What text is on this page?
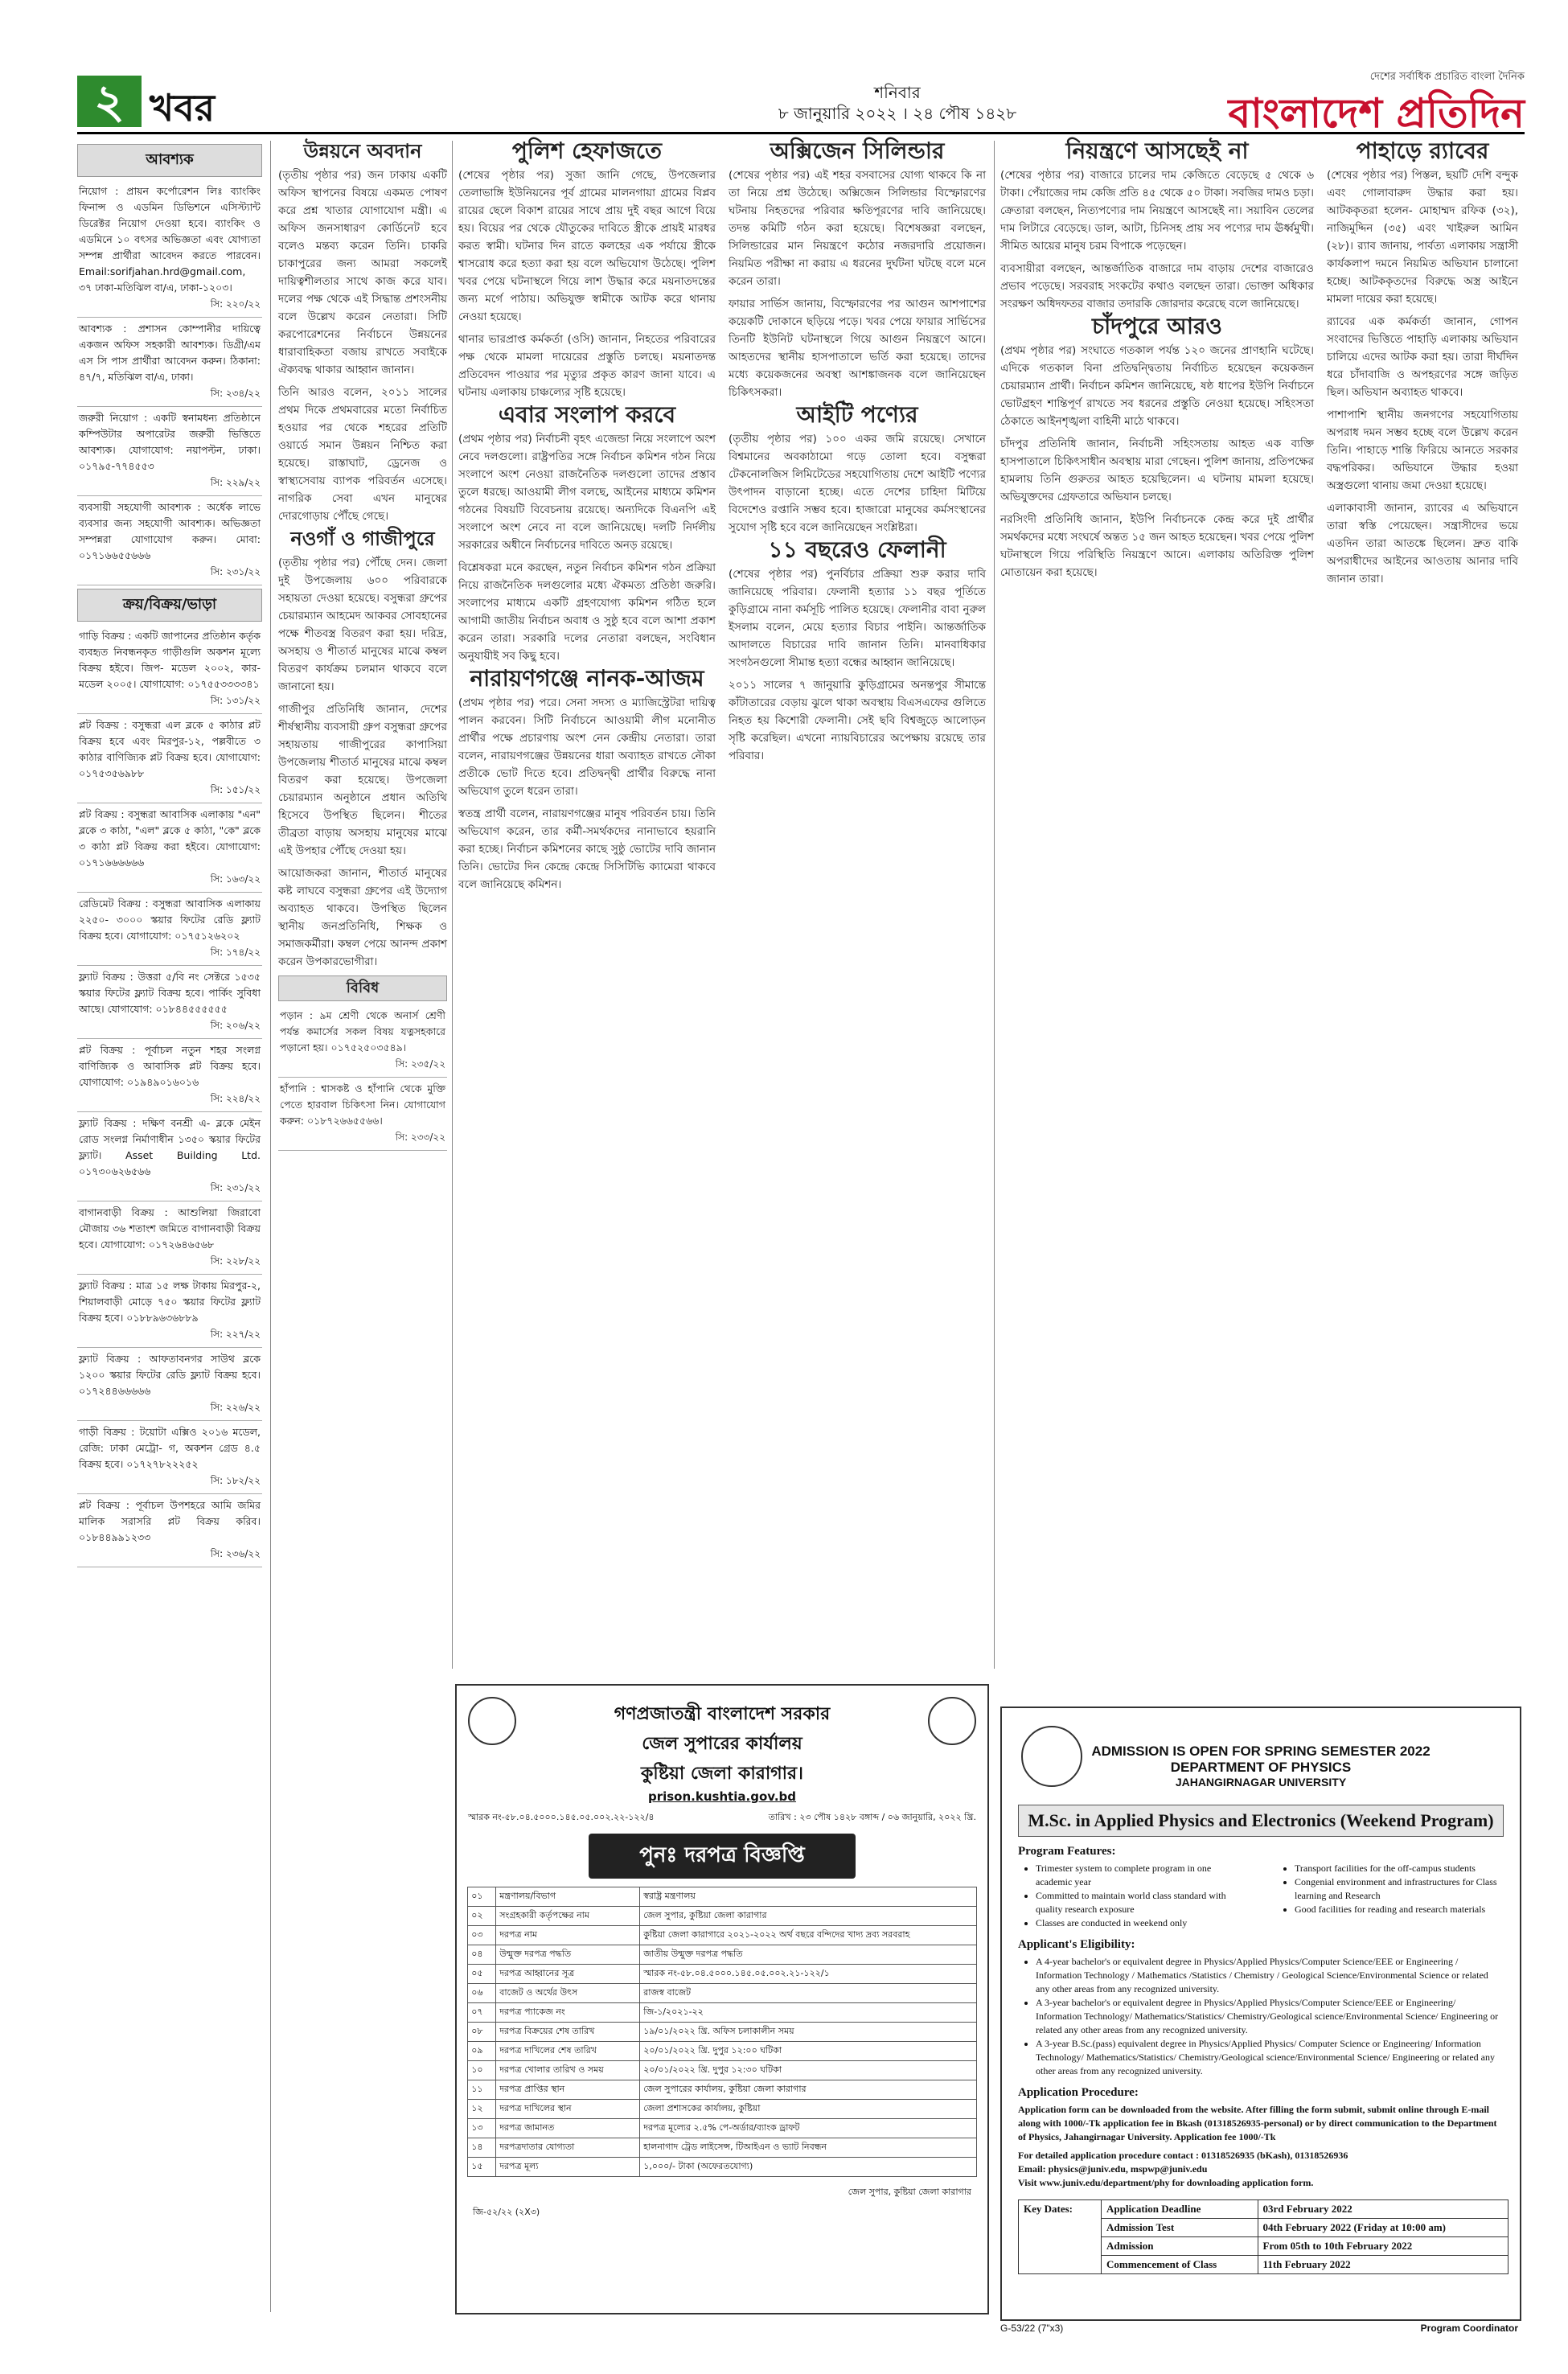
২ খবর	শনিবার
৮ জানুয়ারি ২০২২ । ২৪ পৌষ ১৪২৮
দেশের সর্বাধিক প্রচারিত বাংলা দৈনিক
বাংলাদেশ প্রতিদিন
আবশ্যক
নিয়োগ : প্রায়ন কর্পোরেশন লিঃ ব্যাংকিং ফিনান্স ও এডমিন ডিভিশনে এসিস্ট্যান্ট ডিরেক্টর নিয়োগ দেওয়া হবে। ব্যাংকিং ও এডমিনে ১০ বৎসর অভিজ্ঞতা এবং যোগ্যতা সম্পন্ন প্রার্থীরা আবেদন করতে পারবেন। Email:sorifjahan.hrd@gmail.com, ৩৭ ঢাকা-মতিঝিল বা/এ, ঢাকা-১২০৩।
সি: ২২০/২২
আবশ্যক : প্রশাসন কোম্পানীর দায়িত্বে একজন অফিস সহকারী আবশ্যক। ডিগ্রী/এম এস সি পাস প্রার্থীরা আবেদন করুন। ঠিকানা: ৪৭/৭, মতিঝিল বা/এ, ঢাকা।
সি: ২৩৪/২২
জরুরী নিয়োগ : একটি স্বনামধন্য প্রতিষ্ঠানে কম্পিউটার অপারেটর জরুরী ভিত্তিতে আবশ্যক। যোগাযোগ: নয়াপল্টন, ঢাকা। ০১৭৯৫-৭৭৪৫৫৩
সি: ২২৯/২২
ব্যবসায়ী সহযোগী আবশ্যক : অর্ধেক লাভে ব্যবসার জন্য সহযোগী আবশ্যক। অভিজ্ঞতা সম্পন্নরা যোগাযোগ করুন। মোবা: ০১৭১৬৬৫৫৬৬৬
সি: ২৩১/২২
ক্রয়/বিক্রয়/ভাড়া
গাড়ি বিক্রয় : একটি জাপানের প্রতিষ্ঠান কর্তৃক ব্যবহৃত নিবন্ধনকৃত গাড়ীগুলি অকশন মূল্যে বিক্রয় হইবে। জিপ- মডেল ২০০২, কার- মডেল ২০০৫। যোগাযোগ: ০১৭৫৫৩৩৩৩৪১
সি: ১৩১/২২
প্লট বিক্রয় : বসুন্ধরা এল ব্লকে ৫ কাঠার প্লট বিক্রয় হবে এবং মিরপুর-১২, পল্লবীতে ৩ কাঠার বাণিজ্যিক প্লট বিক্রয় হবে। যোগাযোগ: ০১৭৫৩৫৬৯৮৮
সি: ১৫১/২২
প্লট বিক্রয় : বসুন্ধরা আবাসিক এলাকায় "এন" ব্লকে ৩ কাঠা, "এল" ব্লকে ৫ কাঠা, "কে" ব্লকে ৩ কাঠা প্লট বিক্রয় করা হইবে। যোগাযোগ: ০১৭১৬৬৬৬৬৬
সি: ১৬৩/২২
রেডিমেট বিক্রয় : বসুন্ধরা আবাসিক এলাকায় ২২৫০- ৩০০০ স্কয়ার ফিটের রেডি ফ্ল্যাট বিক্রয় হবে। যোগাযোগ: ০১৭৫১২৬২০২
সি: ১৭৪/২২
ফ্ল্যাট বিক্রয় : উত্তরা ৫/বি নং সেক্টরে ১৫৩৫ স্কয়ার ফিটের ফ্ল্যাট বিক্রয় হবে। পার্কিং সুবিধা আছে। যোগাযোগ: ০১৮৪৪৫৫৫৫৫৫
সি: ২০৬/২২
প্লট বিক্রয় : পূর্বাচল নতুন শহর সংলগ্ন বাণিজ্যিক ও আবাসিক প্লট বিক্রয় হবে। যোগাযোগ: ০১৯৪৯০১৬০১৬
সি: ২২৪/২২
ফ্ল্যাট বিক্রয় : দক্ষিণ বনশ্রী এ- ব্লকে মেইন রোড সংলগ্ন নির্মাণাধীন ১৩৫০ স্কয়ার ফিটের ফ্ল্যাট। Asset Building Ltd. ০১৭৩০৬২৬৫৬৬
সি: ২৩১/২২
বাগানবাড়ী বিক্রয় : আশুলিয়া জিরাবো মৌজায় ৩৬ শতাংশ জমিতে বাগানবাড়ী বিক্রয় হবে। যোগাযোগ: ০১৭২৬৪৬৫৬৮
সি: ২২৮/২২
ফ্ল্যাট বিক্রয় : মাত্র ১৫ লক্ষ টাকায় মিরপুর-২, শিয়ালবাড়ী মোড়ে ৭৫০ স্কয়ার ফিটের ফ্ল্যাট বিক্রয় হবে। ০১৮৮৯৬৩৬৮৮৯
সি: ২২৭/২২
ফ্ল্যাট বিক্রয় : আফতাবনগর সাউথ ব্লকে ১২০০ স্কয়ার ফিটের রেডি ফ্ল্যাট বিক্রয় হবে। ০১৭২৪৪৬৬৬৬৬
সি: ২২৬/২২
গাড়ী বিক্রয় : টয়োটা এক্সিও ২০১৬ মডেল, রেজি: ঢাকা মেট্রো- গ, অকশন গ্রেড ৪.৫ বিক্রয় হবে। ০১৭২৭৮২২২৫২
সি: ১৮২/২২
প্লট বিক্রয় : পূর্বাচল উপশহরে আমি জমির মালিক সরাসরি প্লট বিক্রয় করিব। ০১৮৪৪৯৯১২৩৩
সি: ২৩৬/২২
উন্নয়নে অবদান

(তৃতীয় পৃষ্ঠার পর) জন ঢাকায় একটি অফিস স্থাপনের বিষয়ে একমত পোষণ করে প্রশ্ন খাতার যোগাযোগ মন্ত্রী। এ অফিস জনসাধারণ কোর্ডিনেট হবে বলেও মন্তব্য করেন তিনি। চাকরি চাকাপুরের জন্য আমরা সকলেই দায়িত্বশীলতার সাথে কাজ করে যাব। দলের পক্ষ থেকে এই সিদ্ধান্ত প্রশংসনীয় বলে উল্লেখ করেন নেতারা। সিটি করপোরেশনের নির্বাচনে উন্নয়নের ধারাবাহিকতা বজায় রাখতে সবাইকে ঐক্যবদ্ধ থাকার আহ্বান জানান।

তিনি আরও বলেন, ২০১১ সালের প্রথম দিকে প্রথমবারের মতো নির্বাচিত হওয়ার পর থেকে শহরের প্রতিটি ওয়ার্ডে সমান উন্নয়ন নিশ্চিত করা হয়েছে। রাস্তাঘাট, ড্রেনেজ ও স্বাস্থ্যসেবায় ব্যাপক পরিবর্তন এসেছে। নাগরিক সেবা এখন মানুষের দোরগোড়ায় পৌঁছে গেছে।

নওগাঁ ও গাজীপুরে

(তৃতীয় পৃষ্ঠার পর) পৌঁছে দেন। জেলা দুই উপজেলায় ৬০০ পরিবারকে সহায়তা দেওয়া হয়েছে। বসুন্ধরা গ্রুপের চেয়ারম্যান আহমেদ আকবর সোবহানের পক্ষে শীতবস্ত্র বিতরণ করা হয়। দরিদ্র, অসহায় ও শীতার্ত মানুষের মাঝে কম্বল বিতরণ কার্যক্রম চলমান থাকবে বলে জানানো হয়।

গাজীপুর প্রতিনিধি জানান, দেশের শীর্ষস্থানীয় ব্যবসায়ী গ্রুপ বসুন্ধরা গ্রুপের সহায়তায় গাজীপুরের কাপাসিয়া উপজেলায় শীতার্ত মানুষের মাঝে কম্বল বিতরণ করা হয়েছে। উপজেলা চেয়ারম্যান অনুষ্ঠানে প্রধান অতিথি হিসেবে উপস্থিত ছিলেন। শীতের তীব্রতা বাড়ায় অসহায় মানুষের মাঝে এই উপহার পৌঁছে দেওয়া হয়।

আয়োজকরা জানান, শীতার্ত মানুষের কষ্ট লাঘবে বসুন্ধরা গ্রুপের এই উদ্যোগ অব্যাহত থাকবে। উপস্থিত ছিলেন স্থানীয় জনপ্রতিনিধি, শিক্ষক ও সমাজকর্মীরা। কম্বল পেয়ে আনন্দ প্রকাশ করেন উপকারভোগীরা।

বিবিধ
পড়ান : ৯ম শ্রেণী থেকে অনার্স শ্রেণী পর্যন্ত কমার্সের সকল বিষয় যত্নসহকারে পড়ানো হয়। ০১৭৫২৫০৩৫৪৯।
সি: ২৩৫/২২
হাঁপানি : শ্বাসকষ্ট ও হাঁপানি থেকে মুক্তি পেতে হারবাল চিকিৎসা নিন। যোগাযোগ করুন: ০১৮৭২৬৬৫৫৬৬।
সি: ২৩৩/২২
পুলিশ হেফাজতে

(শেষের পৃষ্ঠার পর) সুজা জানি গেছে, উপজেলার তেলাভাঙ্গি ইউনিয়নের পূর্ব গ্রামের মালনগায়া গ্রামের বিপ্লব রায়ের ছেলে বিকাশ রায়ের সাথে প্রায় দুই বছর আগে বিয়ে হয়। বিয়ের পর থেকে যৌতুকের দাবিতে স্ত্রীকে প্রায়ই মারধর করত স্বামী। ঘটনার দিন রাতে কলহের এক পর্যায়ে স্ত্রীকে শ্বাসরোধ করে হত্যা করা হয় বলে অভিযোগ উঠেছে। পুলিশ খবর পেয়ে ঘটনাস্থলে গিয়ে লাশ উদ্ধার করে ময়নাতদন্তের জন্য মর্গে পাঠায়। অভিযুক্ত স্বামীকে আটক করে থানায় নেওয়া হয়েছে।

থানার ভারপ্রাপ্ত কর্মকর্তা (ওসি) জানান, নিহতের পরিবারের পক্ষ থেকে মামলা দায়েরের প্রস্তুতি চলছে। ময়নাতদন্ত প্রতিবেদন পাওয়ার পর মৃত্যুর প্রকৃত কারণ জানা যাবে। এ ঘটনায় এলাকায় চাঞ্চল্যের সৃষ্টি হয়েছে।

এবার সংলাপ করবে

(প্রথম পৃষ্ঠার পর) নির্বাচনী বৃহৎ এজেন্ডা নিয়ে সংলাপে অংশ নেবে দলগুলো। রাষ্ট্রপতির সঙ্গে নির্বাচন কমিশন গঠন নিয়ে সংলাপে অংশ নেওয়া রাজনৈতিক দলগুলো তাদের প্রস্তাব তুলে ধরছে। আওয়ামী লীগ বলছে, আইনের মাধ্যমে কমিশন গঠনের বিষয়টি বিবেচনায় রয়েছে। অন্যদিকে বিএনপি এই সংলাপে অংশ নেবে না বলে জানিয়েছে। দলটি নির্দলীয় সরকারের অধীনে নির্বাচনের দাবিতে অনড় রয়েছে।

বিশ্লেষকরা মনে করছেন, নতুন নির্বাচন কমিশন গঠন প্রক্রিয়া নিয়ে রাজনৈতিক দলগুলোর মধ্যে ঐকমত্য প্রতিষ্ঠা জরুরি। সংলাপের মাধ্যমে একটি গ্রহণযোগ্য কমিশন গঠিত হলে আগামী জাতীয় নির্বাচন অবাধ ও সুষ্ঠু হবে বলে আশা প্রকাশ করেন তারা। সরকারি দলের নেতারা বলছেন, সংবিধান অনুযায়ীই সব কিছু হবে।

নারায়ণগঞ্জে নানক-আজম

(প্রথম পৃষ্ঠার পর) পরে। সেনা সদস্য ও ম্যাজিস্ট্রেটরা দায়িত্ব পালন করবেন। সিটি নির্বাচনে আওয়ামী লীগ মনোনীত প্রার্থীর পক্ষে প্রচারণায় অংশ নেন কেন্দ্রীয় নেতারা। তারা বলেন, নারায়ণগঞ্জের উন্নয়নের ধারা অব্যাহত রাখতে নৌকা প্রতীকে ভোট দিতে হবে। প্রতিদ্বন্দ্বী প্রার্থীর বিরুদ্ধে নানা অভিযোগ তুলে ধরেন তারা।

স্বতন্ত্র প্রার্থী বলেন, নারায়ণগঞ্জের মানুষ পরিবর্তন চায়। তিনি অভিযোগ করেন, তার কর্মী-সমর্থকদের নানাভাবে হয়রানি করা হচ্ছে। নির্বাচন কমিশনের কাছে সুষ্ঠু ভোটের দাবি জানান তিনি। ভোটের দিন কেন্দ্রে কেন্দ্রে সিসিটিভি ক্যামেরা থাকবে বলে জানিয়েছে কমিশন।

অক্সিজেন সিলিন্ডার

(শেষের পৃষ্ঠার পর) এই শহর বসবাসের যোগ্য থাকবে কি না তা নিয়ে প্রশ্ন উঠেছে। অক্সিজেন সিলিন্ডার বিস্ফোরণের ঘটনায় নিহতদের পরিবার ক্ষতিপূরণের দাবি জানিয়েছে। তদন্ত কমিটি গঠন করা হয়েছে। বিশেষজ্ঞরা বলছেন, সিলিন্ডারের মান নিয়ন্ত্রণে কঠোর নজরদারি প্রয়োজন। নিয়মিত পরীক্ষা না করায় এ ধরনের দুর্ঘটনা ঘটছে বলে মনে করেন তারা।

ফায়ার সার্ভিস জানায়, বিস্ফোরণের পর আগুন আশপাশের কয়েকটি দোকানে ছড়িয়ে পড়ে। খবর পেয়ে ফায়ার সার্ভিসের তিনটি ইউনিট ঘটনাস্থলে গিয়ে আগুন নিয়ন্ত্রণে আনে। আহতদের স্থানীয় হাসপাতালে ভর্তি করা হয়েছে। তাদের মধ্যে কয়েকজনের অবস্থা আশঙ্কাজনক বলে জানিয়েছেন চিকিৎসকরা।

আইটি পণ্যের

(তৃতীয় পৃষ্ঠার পর) ১০০ একর জমি রয়েছে। সেখানে বিশ্বমানের অবকাঠামো গড়ে তোলা হবে। বসুন্ধরা টেকনোলজিস লিমিটেডের সহযোগিতায় দেশে আইটি পণ্যের উৎপাদন বাড়ানো হচ্ছে। এতে দেশের চাহিদা মিটিয়ে বিদেশেও রপ্তানি সম্ভব হবে। হাজারো মানুষের কর্মসংস্থানের সুযোগ সৃষ্টি হবে বলে জানিয়েছেন সংশ্লিষ্টরা।

১১ বছরেও ফেলানী

(শেষের পৃষ্ঠার পর) পুনর্বিচার প্রক্রিয়া শুরু করার দাবি জানিয়েছে পরিবার। ফেলানী হত্যার ১১ বছর পূর্তিতে কুড়িগ্রামে নানা কর্মসূচি পালিত হয়েছে। ফেলানীর বাবা নুরুল ইসলাম বলেন, মেয়ে হত্যার বিচার পাইনি। আন্তর্জাতিক আদালতে বিচারের দাবি জানান তিনি। মানবাধিকার সংগঠনগুলো সীমান্ত হত্যা বন্ধের আহ্বান জানিয়েছে।

২০১১ সালের ৭ জানুয়ারি কুড়িগ্রামের অনন্তপুর সীমান্তে কাঁটাতারের বেড়ায় ঝুলে থাকা অবস্থায় বিএসএফের গুলিতে নিহত হয় কিশোরী ফেলানী। সেই ছবি বিশ্বজুড়ে আলোড়ন সৃষ্টি করেছিল। এখনো ন্যায়বিচারের অপেক্ষায় রয়েছে তার পরিবার।

নিয়ন্ত্রণে আসছেই না

(শেষের পৃষ্ঠার পর) বাজারে চালের দাম কেজিতে বেড়েছে ৫ থেকে ৬ টাকা। পেঁয়াজের দাম কেজি প্রতি ৪৫ থেকে ৫০ টাকা। সবজির দামও চড়া। ক্রেতারা বলছেন, নিত্যপণ্যের দাম নিয়ন্ত্রণে আসছেই না। সয়াবিন তেলের দাম লিটারে বেড়েছে। ডাল, আটা, চিনিসহ প্রায় সব পণ্যের দাম ঊর্ধ্বমুখী। সীমিত আয়ের মানুষ চরম বিপাকে পড়েছেন।

ব্যবসায়ীরা বলছেন, আন্তর্জাতিক বাজারে দাম বাড়ায় দেশের বাজারেও প্রভাব পড়েছে। সরবরাহ সংকটের কথাও বলছেন তারা। ভোক্তা অধিকার সংরক্ষণ অধিদফতর বাজার তদারকি জোরদার করেছে বলে জানিয়েছে।

চাঁদপুরে আরও

(প্রথম পৃষ্ঠার পর) সংঘাতে গতকাল পর্যন্ত ১২০ জনের প্রাণহানি ঘটেছে। এদিকে গতকাল বিনা প্রতিদ্বন্দ্বিতায় নির্বাচিত হয়েছেন কয়েকজন চেয়ারম্যান প্রার্থী। নির্বাচন কমিশন জানিয়েছে, ষষ্ঠ ধাপের ইউপি নির্বাচনে ভোটগ্রহণ শান্তিপূর্ণ রাখতে সব ধরনের প্রস্তুতি নেওয়া হয়েছে। সহিংসতা ঠেকাতে আইনশৃঙ্খলা বাহিনী মাঠে থাকবে।

চাঁদপুর প্রতিনিধি জানান, নির্বাচনী সহিংসতায় আহত এক ব্যক্তি হাসপাতালে চিকিৎসাধীন অবস্থায় মারা গেছেন। পুলিশ জানায়, প্রতিপক্ষের হামলায় তিনি গুরুতর আহত হয়েছিলেন। এ ঘটনায় মামলা হয়েছে। অভিযুক্তদের গ্রেফতারে অভিযান চলছে।

নরসিংদী প্রতিনিধি জানান, ইউপি নির্বাচনকে কেন্দ্র করে দুই প্রার্থীর সমর্থকদের মধ্যে সংঘর্ষে অন্তত ১৫ জন আহত হয়েছেন। খবর পেয়ে পুলিশ ঘটনাস্থলে গিয়ে পরিস্থিতি নিয়ন্ত্রণে আনে। এলাকায় অতিরিক্ত পুলিশ মোতায়েন করা হয়েছে।

পাহাড়ে র‍্যাবের

(শেষের পৃষ্ঠার পর) পিস্তল, ছয়টি দেশি বন্দুক এবং গোলাবারুদ উদ্ধার করা হয়। আটককৃতরা হলেন- মোহাম্মদ রফিক (৩২), নাজিমুদ্দিন (৩৫) এবং খাইরুল আমিন (২৮)। র‍্যাব জানায়, পার্বত্য এলাকায় সন্ত্রাসী কার্যকলাপ দমনে নিয়মিত অভিযান চালানো হচ্ছে। আটককৃতদের বিরুদ্ধে অস্ত্র আইনে মামলা দায়ের করা হয়েছে।

র‍্যাবের এক কর্মকর্তা জানান, গোপন সংবাদের ভিত্তিতে পাহাড়ি এলাকায় অভিযান চালিয়ে এদের আটক করা হয়। তারা দীর্ঘদিন ধরে চাঁদাবাজি ও অপহরণের সঙ্গে জড়িত ছিল। অভিযান অব্যাহত থাকবে।

পাশাপাশি স্থানীয় জনগণের সহযোগিতায় অপরাধ দমন সম্ভব হচ্ছে বলে উল্লেখ করেন তিনি। পাহাড়ে শান্তি ফিরিয়ে আনতে সরকার বদ্ধপরিকর। অভিযানে উদ্ধার হওয়া অস্ত্রগুলো থানায় জমা দেওয়া হয়েছে।

এলাকাবাসী জানান, র‍্যাবের এ অভিযানে তারা স্বস্তি পেয়েছেন। সন্ত্রাসীদের ভয়ে এতদিন তারা আতঙ্কে ছিলেন। দ্রুত বাকি অপরাধীদের আইনের আওতায় আনার দাবি জানান তারা।

গণপ্রজাতন্ত্রী বাংলাদেশ সরকার
জেল সুপারের কার্যালয়
কুষ্টিয়া জেলা কারাগার।
prison.kushtia.gov.bd
স্মারক নং-৫৮.০৪.৫০০০.১৪৫.০৫.০০২.২২-১২২/৪	তারিখ : ২৩ পৌষ ১৪২৮ বঙ্গাব্দ / ০৬ জানুয়ারি, ২০২২ খ্রি.
পুনঃ দরপত্র বিজ্ঞপ্তি
০১	মন্ত্রণালয়/বিভাগ	স্বরাষ্ট্র মন্ত্রণালয়
০২	সংগ্রহকারী কর্তৃপক্ষের নাম	জেল সুপার, কুষ্টিয়া জেলা কারাগার
০৩	দরপত্র নাম	কুষ্টিয়া জেলা কারাগারে ২০২১-২০২২ অর্থ বছরে বন্দিদের খাদ্য দ্রব্য সরবরাহ
০৪	উন্মুক্ত দরপত্র পদ্ধতি	জাতীয় উন্মুক্ত দরপত্র পদ্ধতি
০৫	দরপত্র আহ্বানের সূত্র	স্মারক নং-৫৮.০৪.৫০০০.১৪৫.০৫.০০২.২১-১২২/১
০৬	বাজেট ও অর্থের উৎস	রাজস্ব বাজেট
০৭	দরপত্র প্যাকেজ নং	জি-১/২০২১-২২
০৮	দরপত্র বিক্রয়ের শেষ তারিখ	১৯/০১/২০২২ খ্রি. অফিস চলাকালীন সময়
০৯	দরপত্র দাখিলের শেষ তারিখ	২০/০১/২০২২ খ্রি. দুপুর ১২:০০ ঘটিকা
১০	দরপত্র খোলার তারিখ ও সময়	২০/০১/২০২২ খ্রি. দুপুর ১২:৩০ ঘটিকা
১১	দরপত্র প্রাপ্তির স্থান	জেল সুপারের কার্যালয়, কুষ্টিয়া জেলা কারাগার
১২	দরপত্র দাখিলের স্থান	জেলা প্রশাসকের কার্যালয়, কুষ্টিয়া
১৩	দরপত্র জামানত	দরপত্র মূল্যের ২.৫% পে-অর্ডার/ব্যাংক ড্রাফট
১৪	দরপত্রদাতার যোগ্যতা	হালনাগাদ ট্রেড লাইসেন্স, টিআইএন ও ভ্যাট নিবন্ধন
১৫	দরপত্র মূল্য	১,০০০/- টাকা (অফেরতযোগ্য)
জেল সুপার, কুষ্টিয়া জেলা কারাগার
জি-৫২/২২ (২X৩)
ADMISSION IS OPEN FOR SPRING SEMESTER 2022
DEPARTMENT OF PHYSICS
JAHANGIRNAGAR UNIVERSITY
M.Sc. in Applied Physics and Electronics (Weekend Program)
Program Features:
• Trimester system to complete program in one academic year
• Committed to maintain world class standard with quality research exposure
• Classes are conducted in weekend only
• Transport facilities for the off-campus students
• Congenial environment and infrastructures for Class learning and Research
• Good facilities for reading and research materials
Applicant's Eligibility:
• A 4-year bachelor's or equivalent degree in Physics/Applied Physics/Computer Science/EEE or Engineering / Information Technology / Mathematics /Statistics / Chemistry / Geological Science/Environmental Science or related any other areas from any recognized university.
• A 3-year bachelor's or equivalent degree in Physics/Applied Physics/Computer Science/EEE or Engineering/ Information Technology/ Mathematics/Statistics/ Chemistry/Geological science/Environmental Science/ Engineering or related any other areas from any recognized university.
• A 3-year B.Sc.(pass) equivalent degree in Physics/Applied Physics/ Computer Science or Engineering/ Information Technology/ Mathematics/Statistics/ Chemistry/Geological science/Environmental Science/ Engineering or related any other areas from any recognized university.
Application Procedure:
Application form can be downloaded from the website. After filling the form submit, submit online through E-mail along with 1000/-Tk application fee in Bkash (01318526935-personal) or by direct communication to the Department of Physics, Jahangirnagar University. Application fee 1000/-Tk
For detailed application procedure contact : 01318526935 (bKash), 01318526936
Email: physics@juniv.edu, mspwp@juniv.edu
Visit www.juniv.edu/department/phy for downloading application form.
Key Dates:	Application Deadline	03rd February 2022
	Admission Test	04th February 2022 (Friday at 10:00 am)
	Admission	From 05th to 10th February 2022
	Commencement of Class	11th February 2022
G-53/22 (7"x3)	Program Coordinator
